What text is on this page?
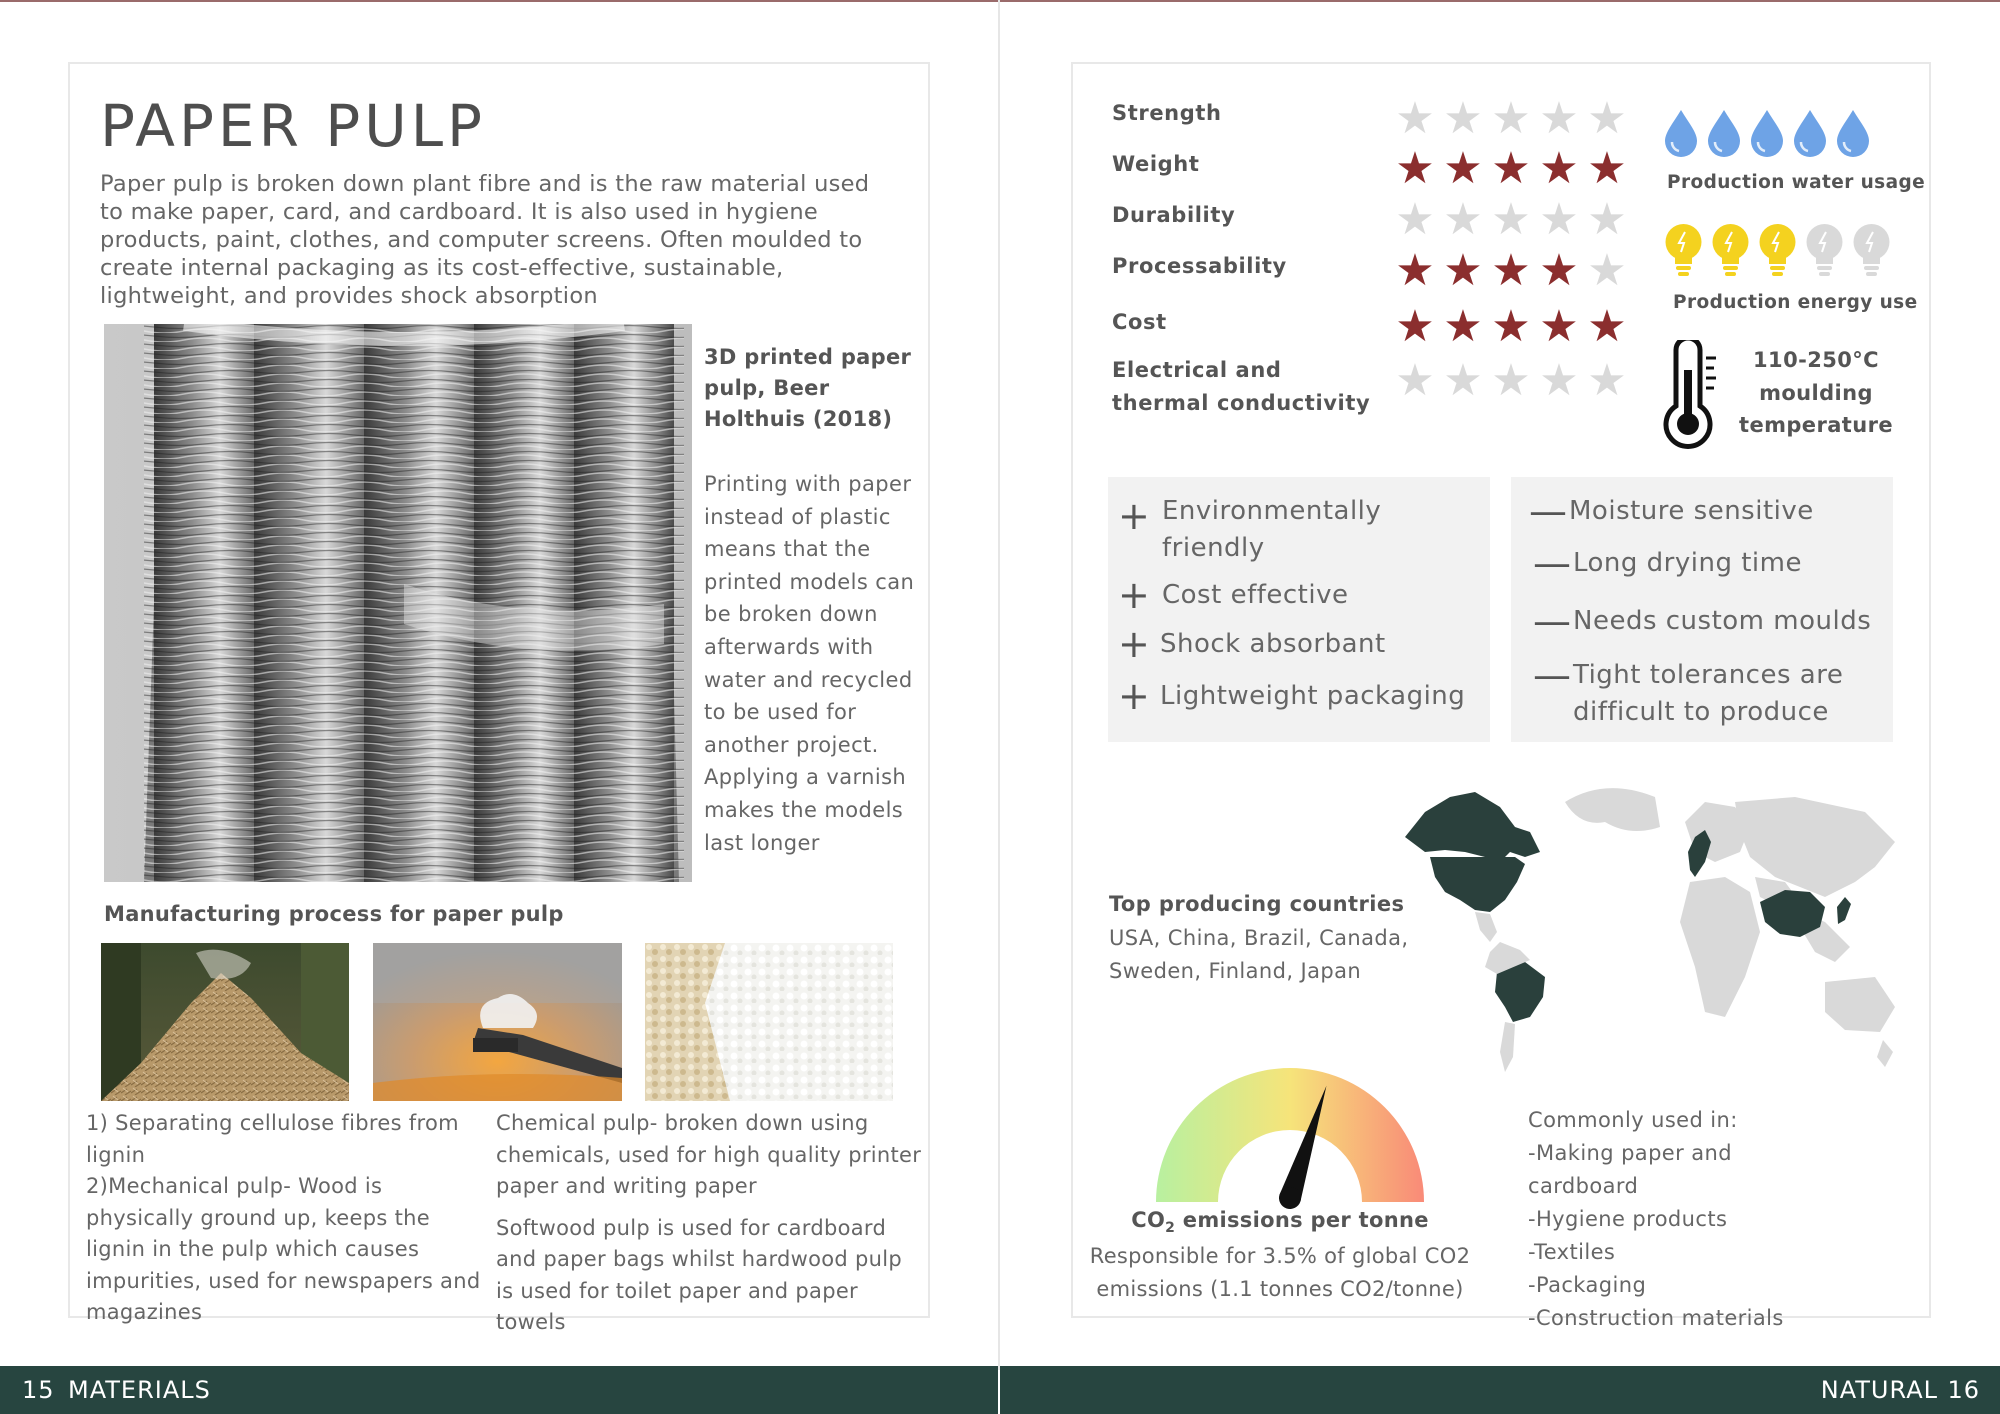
PAPER PULP
Paper pulp is broken down plant fibre and is the raw material used to make paper, card, and cardboard. It is also used in hygiene products, paint, clothes, and computer screens. Often moulded to create internal packaging as its cost-effective, sustainable, lightweight, and provides shock absorption
3D printed paper pulp, Beer Holthuis (2018)
Printing with paper instead of plastic means that the printed models can be broken down afterwards with water and recycled to be used for another project. Applying a varnish makes the models last longer
Manufacturing process for paper pulp
1) Separating cellulose fibres from lignin
2)Mechanical pulp- Wood is physically ground up, keeps the lignin in the pulp which causes impurities, used for newspapers and magazines
Chemical pulp- broken down using chemicals, used for high quality printer paper and writing paper
Softwood pulp is used for cardboard and paper bags whilst hardwood pulp is used for toilet paper and paper towels
15 MATERIALS
Strength	★ ★ ★ ★ ★
Weight	★ ★ ★ ★ ★
Durability	★ ★ ★ ★ ★
Processability ★ ★ ★ ★ ★
Cost	★ ★ ★ ★ ★
Electrical and thermal conductivity ★ ★ ★ ★ ★
Production water usage
Production energy use
110-250°C moulding temperature
+ Environmentally friendly
+ Cost effective
+ Shock absorbant
+ Lightweight packaging
— Moisture sensitive
— Long drying time
— Needs custom moulds
— Tight tolerances are difficult to produce
Top producing countries
USA, China, Brazil, Canada, Sweden, Finland, Japan
$CO_2$ emissions per tonne
Responsible for 3.5% of global CO2 emissions (1.1 tonnes CO2/tonne)
Commonly used in:
-Making paper and cardboard
-Hygiene products
-Textiles
-Packaging
-Construction materials
NATURAL 16
